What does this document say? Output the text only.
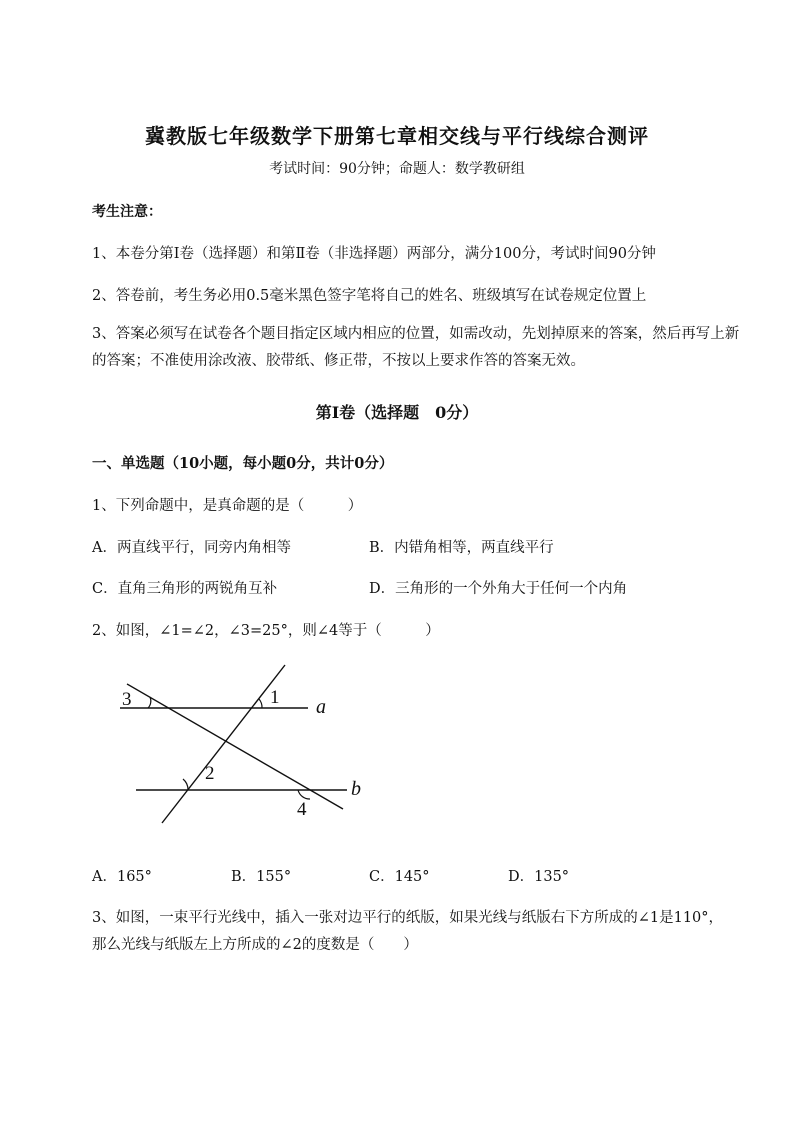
冀教版七年级数学下册第七章相交线与平行线综合测评
考试时间：90分钟；命题人：数学教研组
考生注意：
1、本卷分第I卷（选择题）和第Ⅱ卷（非选择题）两部分，满分100分，考试时间90分钟
2、答卷前，考生务必用0.5毫米黑色签字笔将自己的姓名、班级填写在试卷规定位置上
3、答案必须写在试卷各个题目指定区域内相应的位置，如需改动，先划掉原来的答案，然后再写上新的答案；不准使用涂改液、胶带纸、修正带，不按以上要求作答的答案无效。
第I卷（选择题　0分）
一、单选题（10小题，每小题0分，共计0分）
1、下列命题中，是真命题的是（　　　）
A．两直线平行，同旁内角相等	B．内错角相等，两直线平行
C．直角三角形的两锐角互补	D．三角形的一个外角大于任何一个内角
2、如图，∠1=∠2，∠3=25°，则∠4等于（　　　）
3	1 a
2
b
4
A．165°	B．155°	C．145°	D．135°
3、如图，一束平行光线中，插入一张对边平行的纸版，如果光线与纸版右下方所成的∠1是110°，
那么光线与纸版左上方所成的∠2的度数是（　　）
